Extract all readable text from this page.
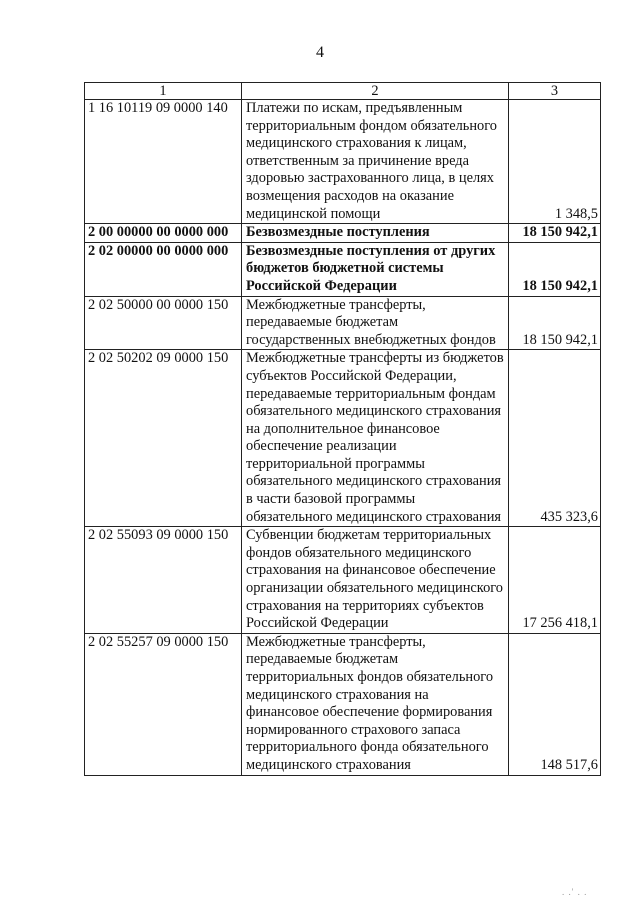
4
1	2	3
1 16 10119 09 0000 140	Платежи по искам, предъявленным территориальным фондом обязательного медицинского страхования к лицам, ответственным за причинение вреда здоровью застрахованного лица, в целях возмещения расходов на оказание медицинской помощи	1 348,5
2 00 00000 00 0000 000	Безвозмездные поступления	18 150 942,1
2 02 00000 00 0000 000	Безвозмездные поступления от других бюджетов бюджетной системы Российской Федерации	18 150 942,1
2 02 50000 00 0000 150	Межбюджетные трансферты, передаваемые бюджетам государственных внебюджетных фондов	18 150 942,1
2 02 50202 09 0000 150	Межбюджетные трансферты из бюджетов субъектов Российской Федерации, передаваемые территориальным фондам обязательного медицинского страхования на дополнительное финансовое обеспечение реализации территориальной программы обязательного медицинского страхования в части базовой программы обязательного медицинского страхования	435 323,6
2 02 55093 09 0000 150	Субвенции бюджетам территориальных фондов обязательного медицинского страхования на финансовое обеспечение организации обязательного медицинского страхования на территориях субъектов Российской Федерации	17 256 418,1
2 02 55257 09 0000 150	Межбюджетные трансферты, передаваемые бюджетам территориальных фондов обязательного медицинского страхования на финансовое обеспечение формирования нормированного страхового запаса территориального фонда обязательного медицинского страхования	148 517,6
. .' . .
